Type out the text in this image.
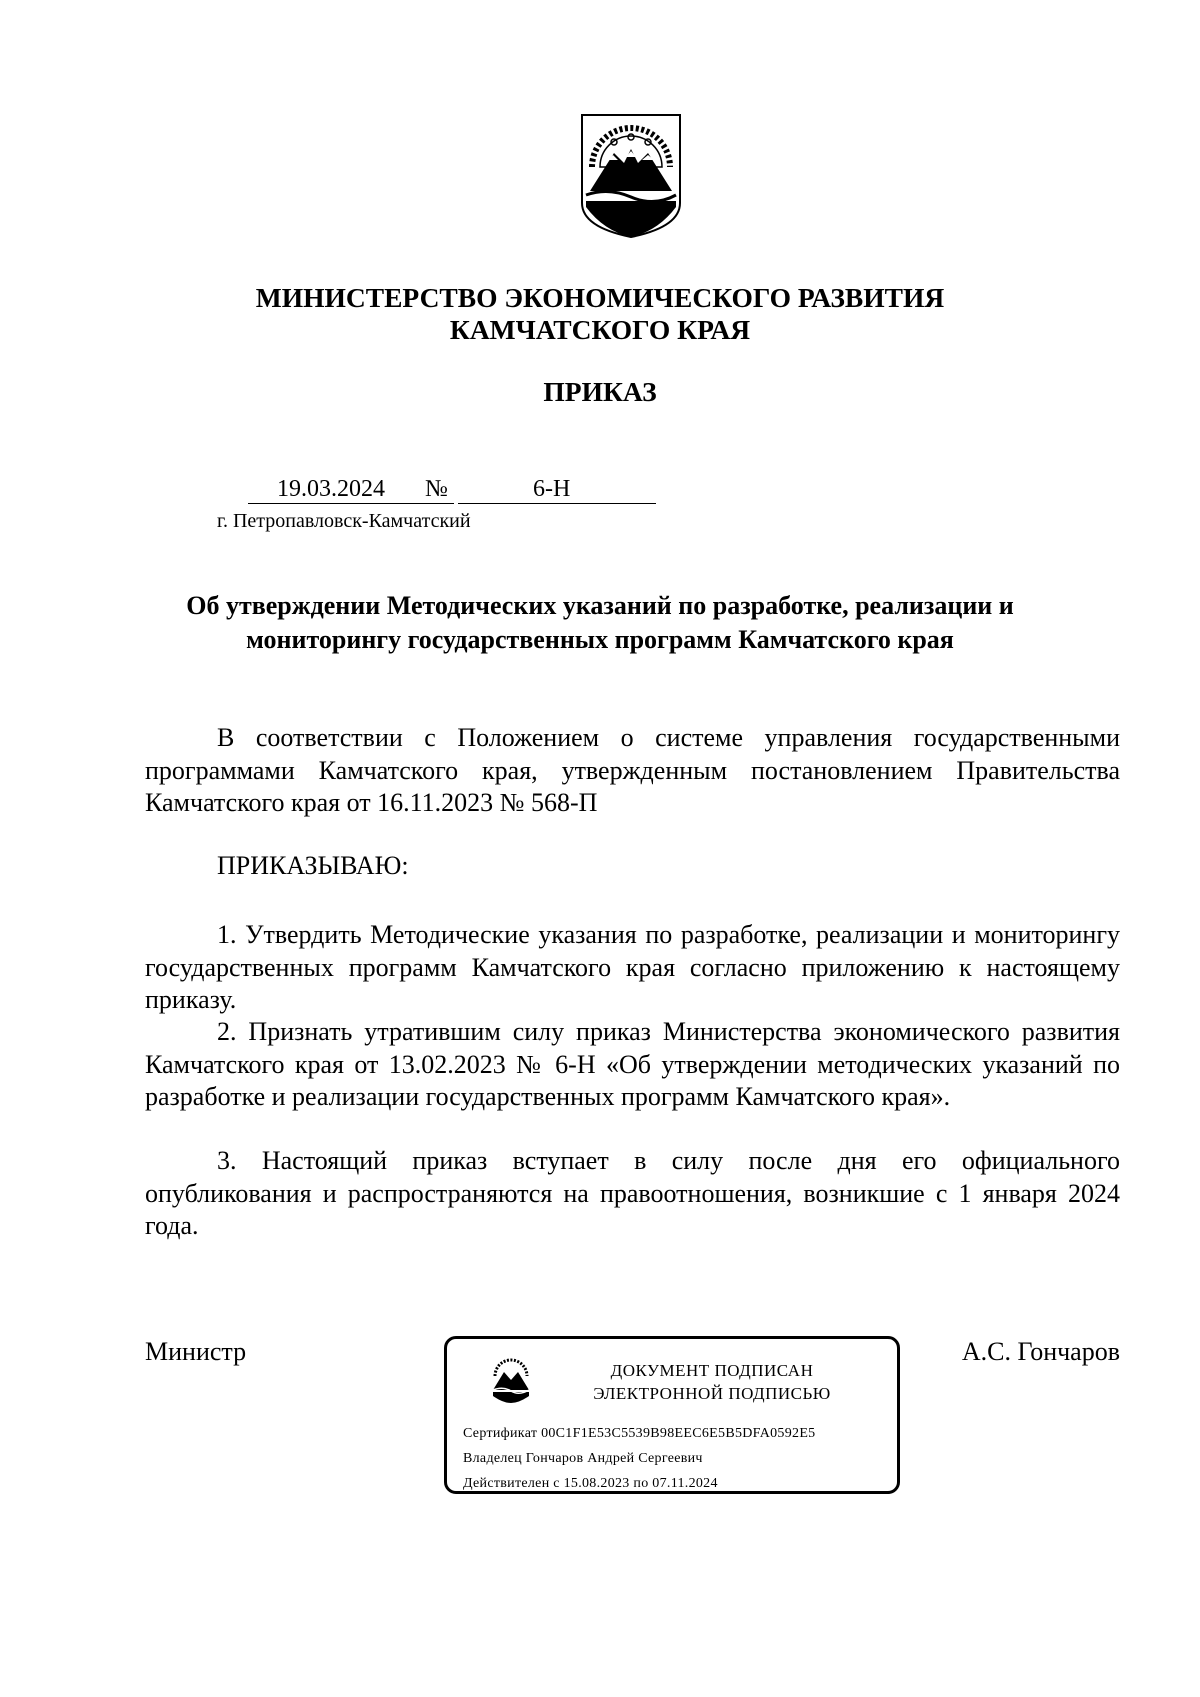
МИНИСТЕРСТВО ЭКОНОМИЧЕСКОГО РАЗВИТИЯ
КАМЧАТСКОГО КРАЯ
ПРИКАЗ
19.03.2024 №	6-Н
г. Петропавловск-Камчатский
Об утверждении Методических указаний по разработке, реализации и мониторингу государственных программ Камчатского края
В соответствии с Положением о системе управления государственными программами Камчатского края, утвержденным постановлением Правительства Камчатского края от 16.11.2023 № 568-П
ПРИКАЗЫВАЮ:
1. Утвердить Методические указания по разработке, реализации и мониторингу государственных программ Камчатского края согласно приложению к настоящему приказу.
2. Признать утратившим силу приказ Министерства экономического развития Камчатского края от 13.02.2023 № 6-Н «Об утверждении методических указаний по разработке и реализации государственных программ Камчатского края».
3. Настоящий приказ вступает в силу после дня его официального опубликования и распространяются на правоотношения, возникшие с 1 января 2024 года.
Министр	А.С. Гончаров
ДОКУМЕНТ ПОДПИСАН
ЭЛЕКТРОННОЙ ПОДПИСЬЮ
Сертификат 00C1F1E53C5539B98EEC6E5B5DFA0592E5
Владелец Гончаров Андрей Сергеевич
Действителен с 15.08.2023 по 07.11.2024
